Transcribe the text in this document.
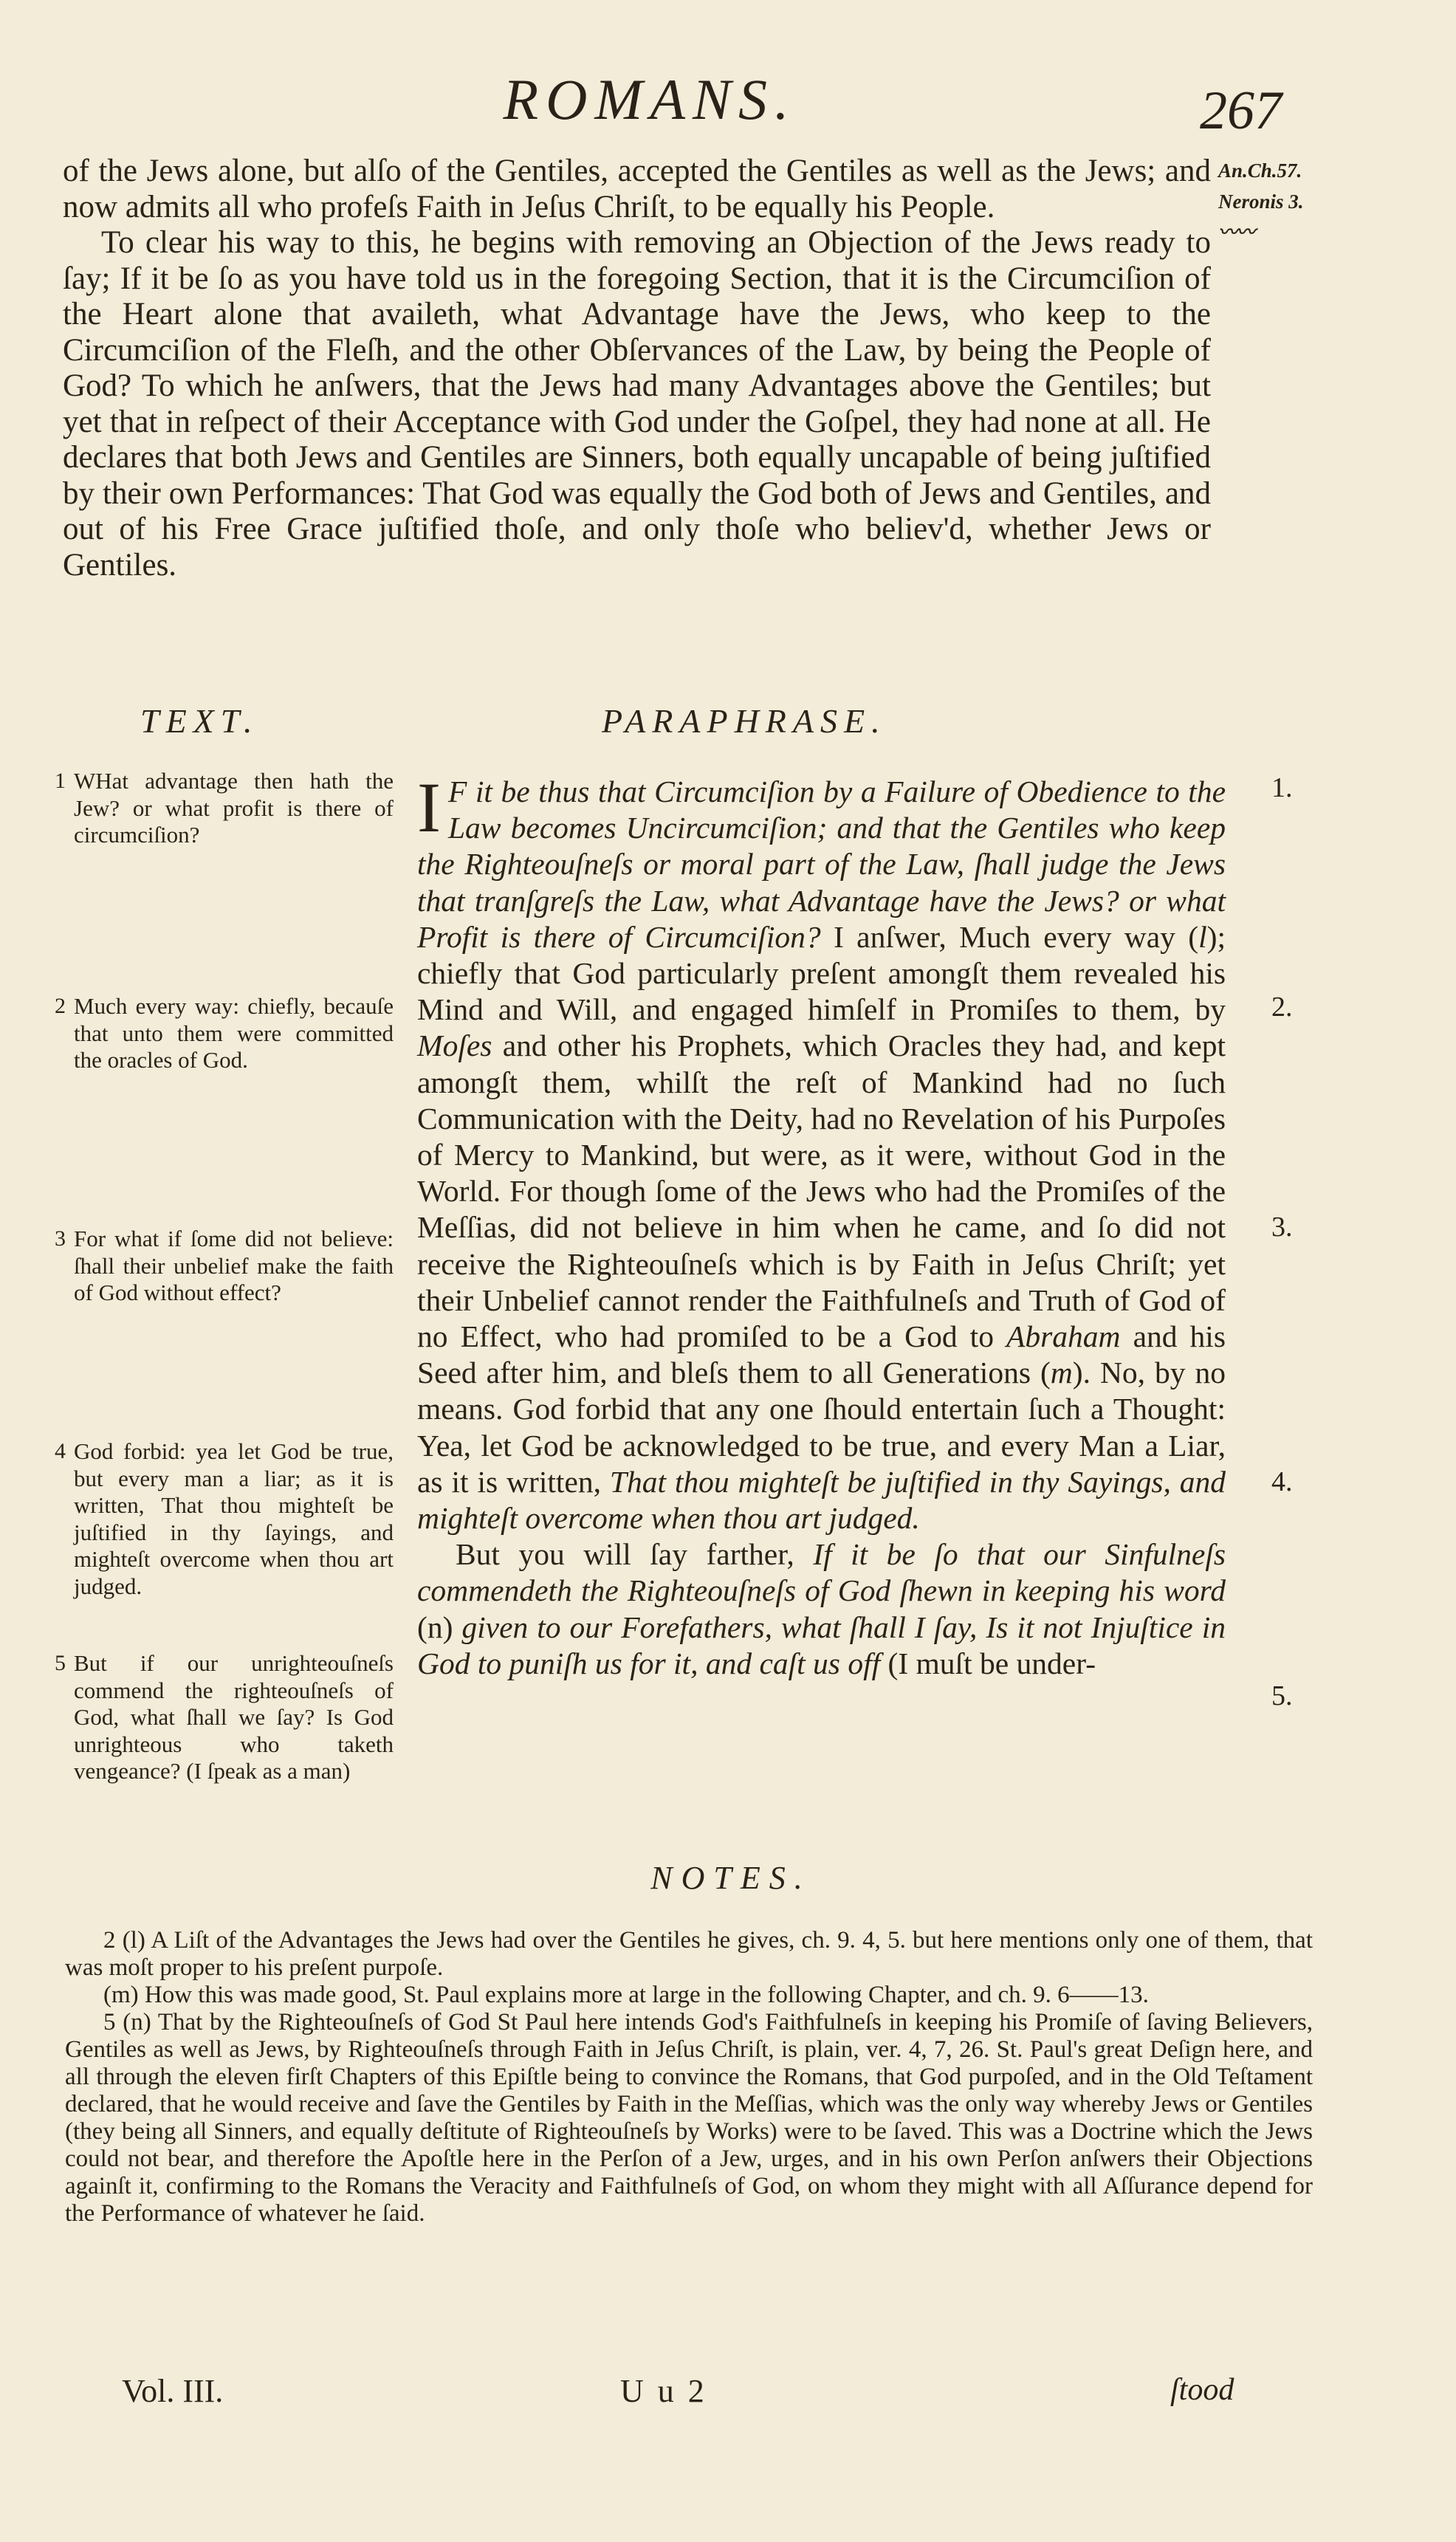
ROMANS.	267
An.Ch.57.
Neronis 3.
〰〰

of the Jews alone, but alſo of the Gentiles, accepted the Gentiles as well as the Jews; and now admits all who profeſs Faith in Jeſus Chriſt, to be equally his People.

To clear his way to this, he begins with removing an Objection of the Jews ready to ſay; If it be ſo as you have told us in the foregoing Section, that it is the Circumciſion of the Heart alone that availeth, what Advantage have the Jews, who keep to the Circumciſion of the Fleſh, and the other Obſervances of the Law, by being the People of God? To which he anſwers, that the Jews had many Advantages above the Gentiles; but yet that in reſpect of their Acceptance with God under the Goſpel, they had none at all. He declares that both Jews and Gentiles are Sinners, both equally uncapable of being juſtified by their own Performances: That God was equally the God both of Jews and Gentiles, and out of his Free Grace juſtified thoſe, and only thoſe who believ'd, whether Jews or Gentiles.

TEXT.	PARAPHRASE.
1 WHat advantage then hath the Jew? or what profit is there of circumciſion?
2 Much every way: chiefly, becauſe that unto them were committed the oracles of God.
3 For what if ſome did not believe: ſhall their unbelief make the faith of God without effect?
4 God forbid: yea let God be true, but every man a liar; as it is written, That thou mighteſt be juſtified in thy ſayings, and mighteſt overcome when thou art judged.
5 But if our unrighteouſneſs commend the righteouſneſs of God, what ſhall we ſay? Is God unrighteous who taketh vengeance? (I ſpeak as a man)

I F it be thus that Circumciſion by a Failure of Obedience to the Law becomes Uncircumciſion; and that the Gentiles who keep the Righteouſneſs or moral part of the Law, ſhall judge the Jews that tranſgreſs the Law, what Advantage have the Jews? or what Profit is there of Circumciſion? I anſwer, Much every way (l); chiefly that God particularly preſent amongſt them revealed his Mind and Will, and engaged himſelf in Promiſes to them, by Moſes and other his Prophets, which Oracles they had, and kept amongſt them, whilſt the reſt of Mankind had no ſuch Communication with the Deity, had no Revelation of his Purpoſes of Mercy to Mankind, but were, as it were, without God in the World. For though ſome of the Jews who had the Promiſes of the Meſſias, did not believe in him when he came, and ſo did not receive the Righteouſneſs which is by Faith in Jeſus Chriſt; yet their Unbelief cannot render the Faithfulneſs and Truth of God of no Effect, who had promiſed to be a God to Abraham and his Seed after him, and bleſs them to all Generations (m). No, by no means. God forbid that any one ſhould entertain ſuch a Thought: Yea, let God be acknowledged to be true, and every Man a Liar, as it is written, That thou mighteſt be juſtified in thy Sayings, and mighteſt overcome when thou art judged.

But you will ſay farther, If it be ſo that our Sinfulneſs commendeth the Righteouſneſs of God ſhewn in keeping his word (n) given to our Forefathers, what ſhall I ſay, Is it not Injuſtice in God to puniſh us for it, and caſt us off (I muſt be under-

1.
2.
3.
4.
5.
NOTES.

2 (l) A Liſt of the Advantages the Jews had over the Gentiles he gives, ch. 9. 4, 5. but here mentions only one of them, that was moſt proper to his preſent purpoſe.

(m) How this was made good, St. Paul explains more at large in the following Chapter, and ch. 9. 6——13.

5 (n) That by the Righteouſneſs of God St Paul here intends God's Faithfulneſs in keeping his Promiſe of ſaving Believers, Gentiles as well as Jews, by Righteouſneſs through Faith in Jeſus Chriſt, is plain, ver. 4, 7, 26. St. Paul's great Deſign here, and all through the eleven firſt Chapters of this Epiſtle being to convince the Romans, that God purpoſed, and in the Old Teſtament declared, that he would receive and ſave the Gentiles by Faith in the Meſſias, which was the only way whereby Jews or Gentiles (they being all Sinners, and equally deſtitute of Righteouſneſs by Works) were to be ſaved. This was a Doctrine which the Jews could not bear, and therefore the Apoſtle here in the Perſon of a Jew, urges, and in his own Perſon anſwers their Objections againſt it, confirming to the Romans the Veracity and Faithfulneſs of God, on whom they might with all Aſſurance depend for the Performance of whatever he ſaid.

Vol. III.	U u 2	ſtood
